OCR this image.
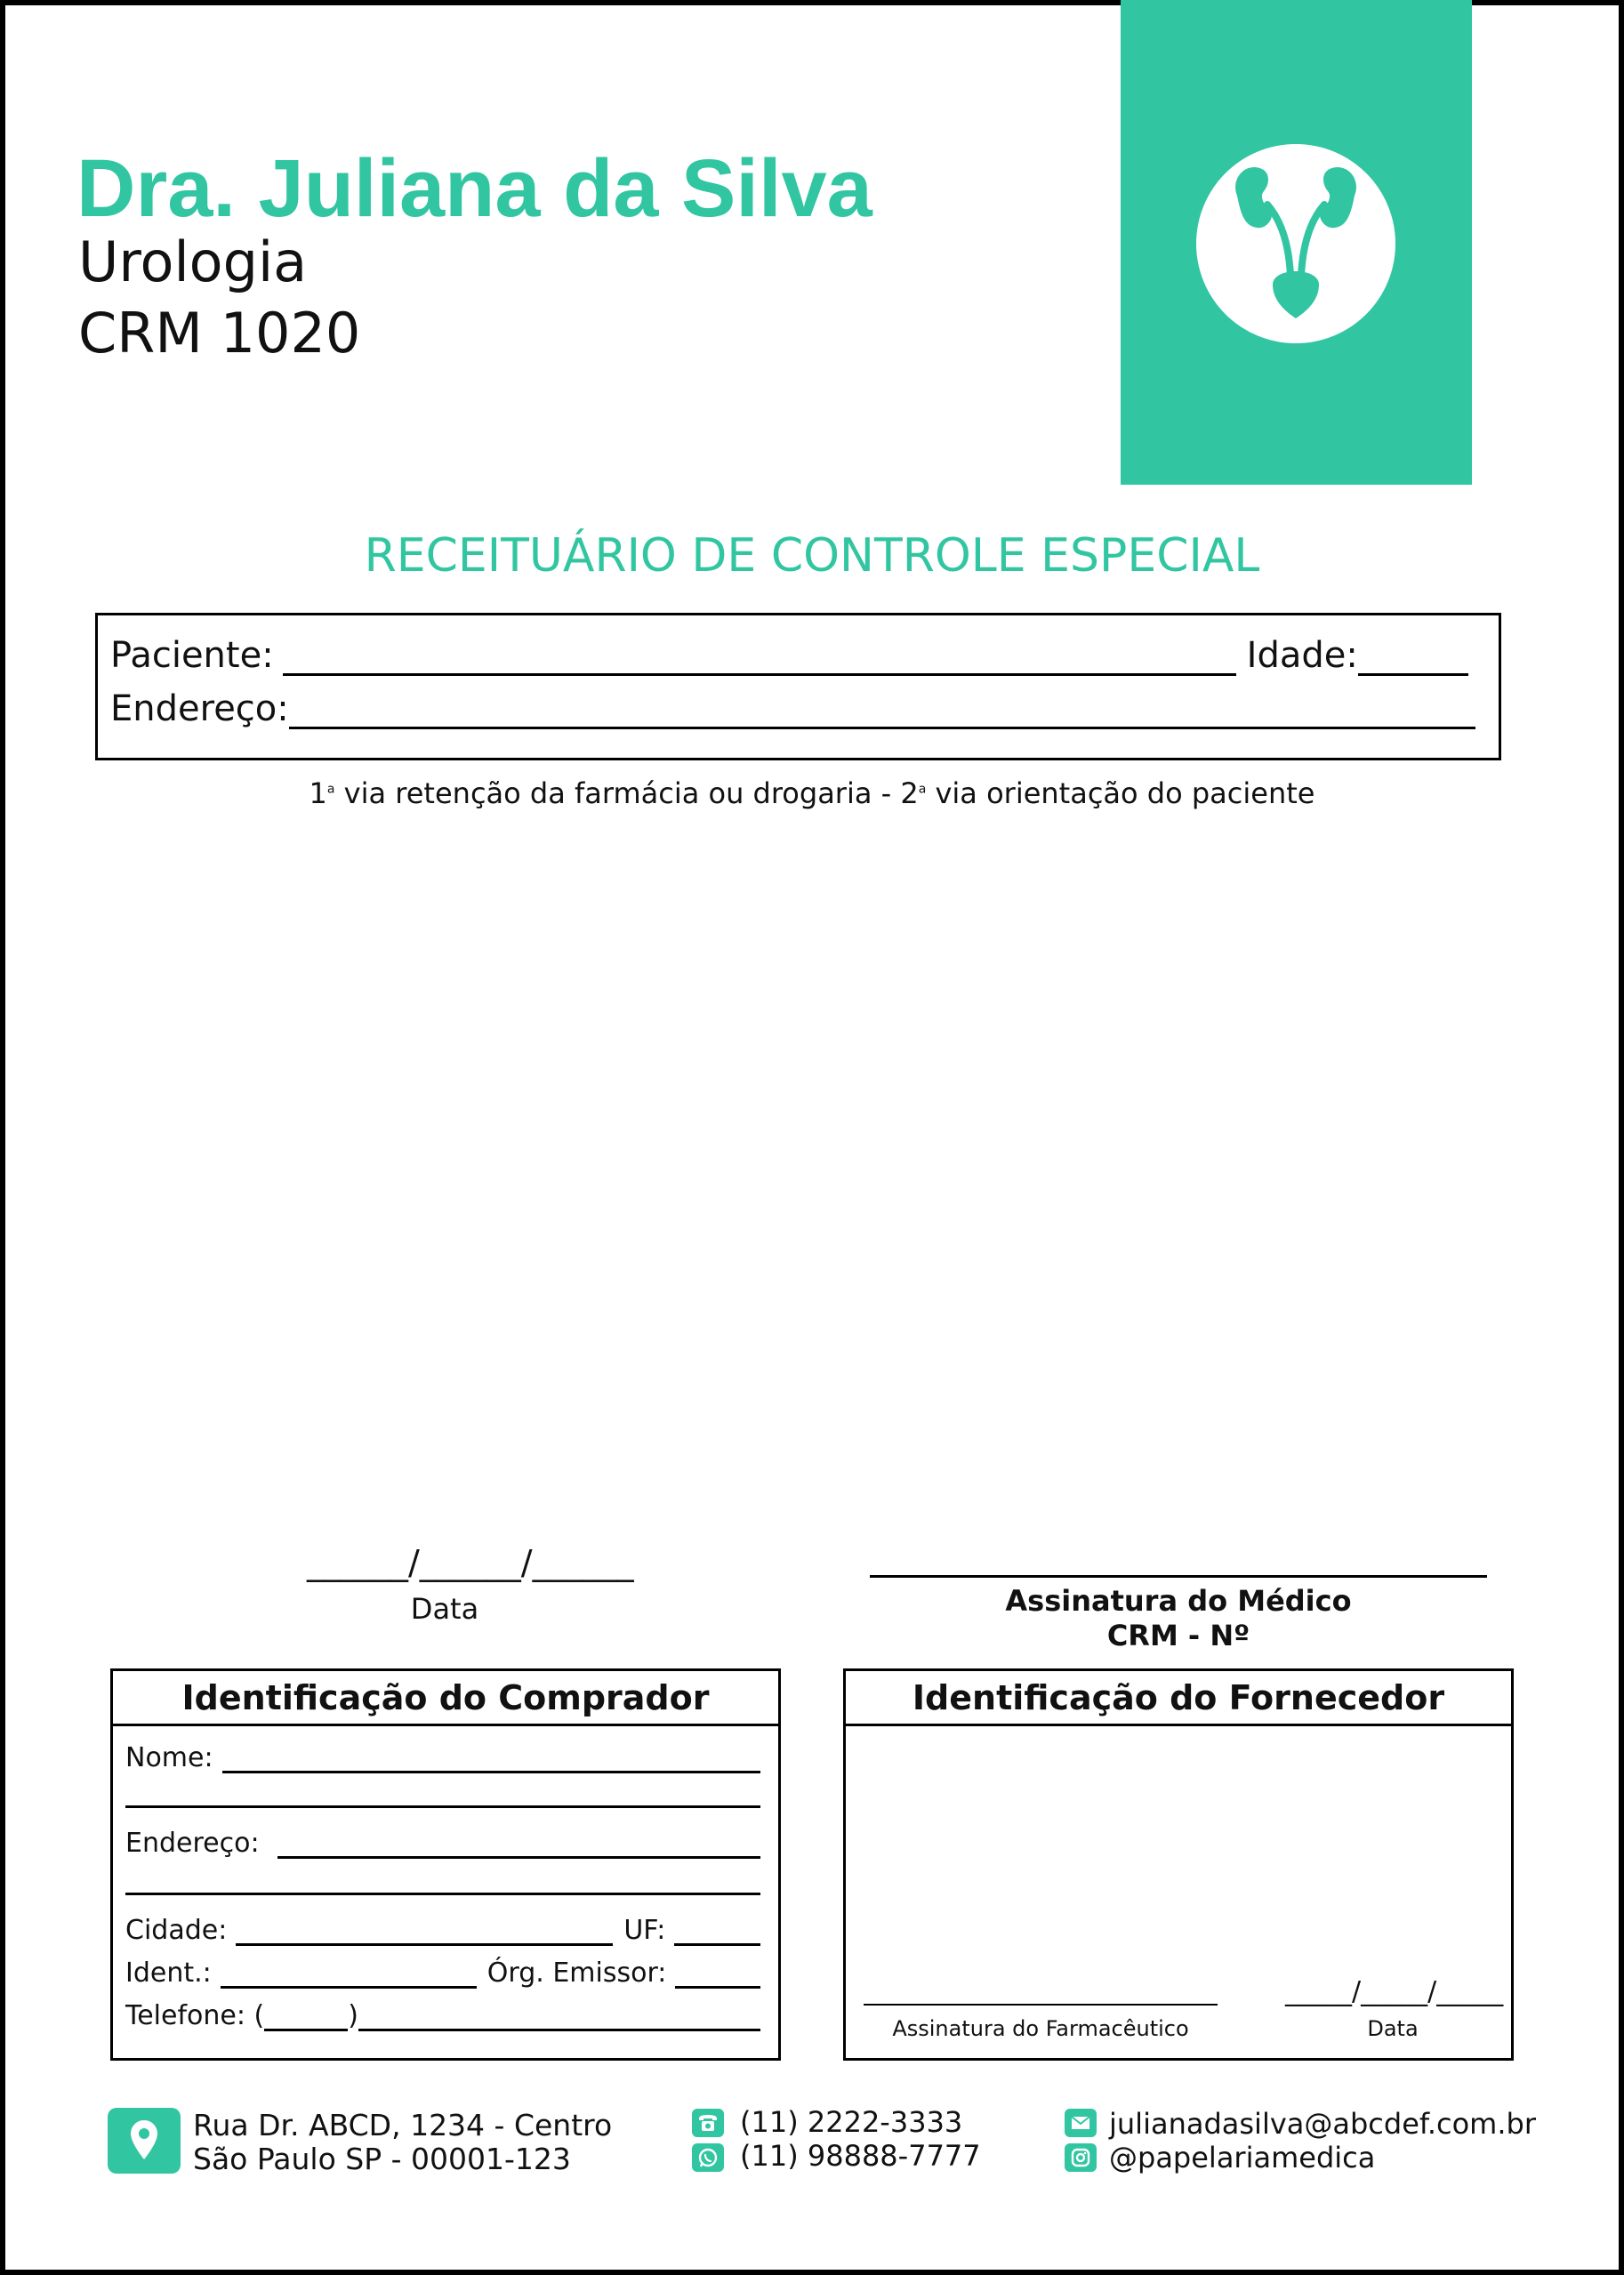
Dra. Juliana da Silva
Urologia
CRM 1020
RECEITUÁRIO DE CONTROLE ESPECIAL
Paciente:	Idade:
Endereço:
1$^a$ via retenção da farmácia ou drogaria - 2$^a$ via orientação do paciente
______/______/______
Data	Assinatura do Médico
CRM - Nº
Identificação do Comprador
Nome:
Endereço:
Cidade:	UF:
Ident.:	Órg. Emissor:
Telefone: (	)
Identificação do Fornecedor
Assinatura do Farmacêutico
_____/_____/_____
Data
Rua Dr. ABCD, 1234 - Centro
São Paulo SP - 00001-123
(11) 2222-3333
(11) 98888-7777
julianadasilva@abcdef.com.br
@papelariamedica
